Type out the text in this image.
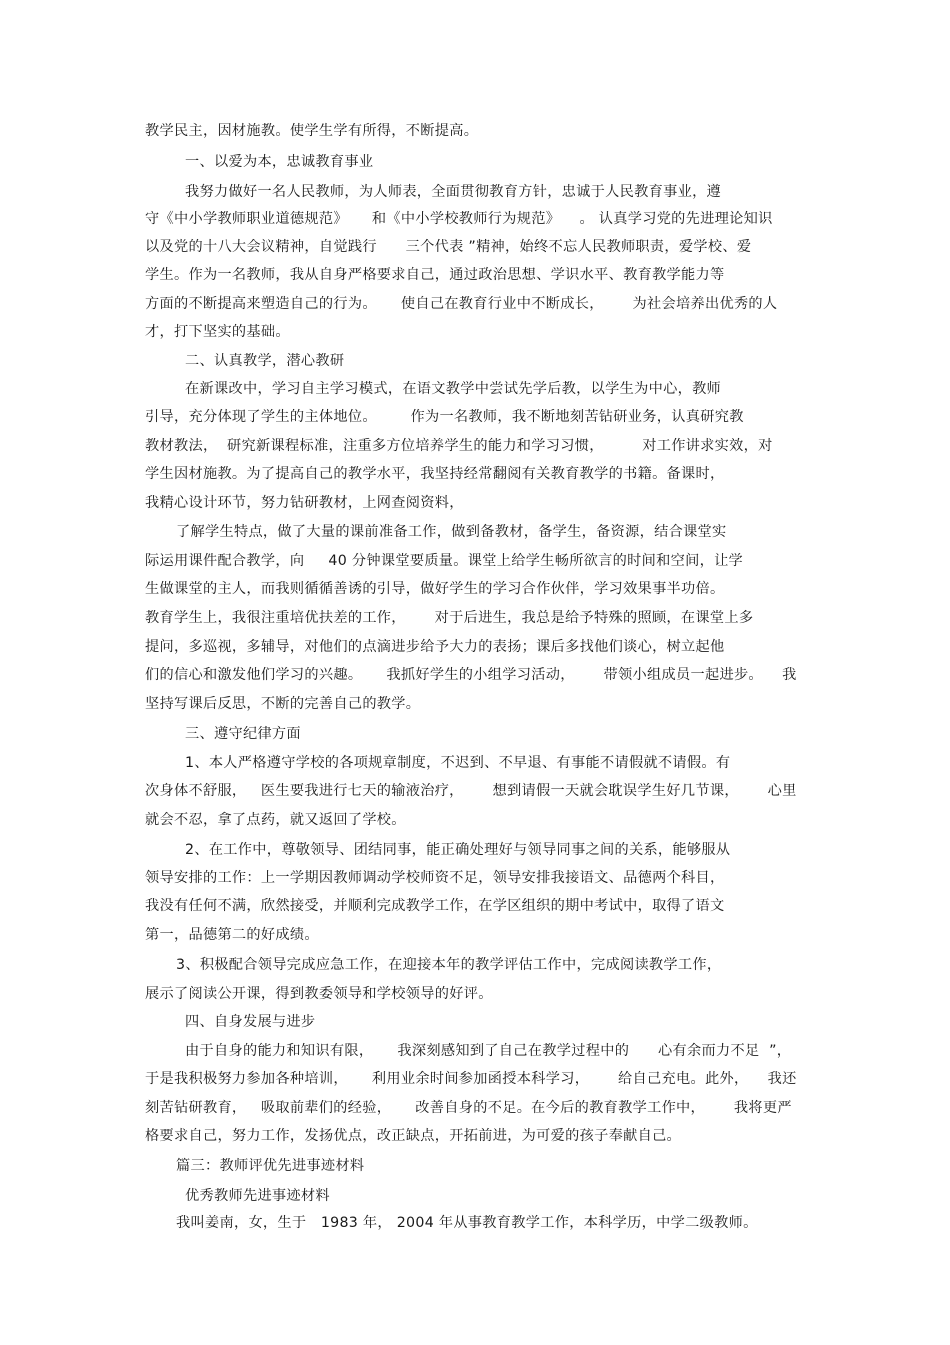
教学民主，因材施教。使学生学有所得，不断提高。
一、以爱为本，忠诚教育事业
我努力做好一名人民教师，为人师表，全面贯彻教育方针，忠诚于人民教育事业，遵
守《中小学教师职业道德规范》     和《中小学校教师行为规范》    。 认真学习党的先进理论知识
以及党的十八大会议精神，自觉践行      三个代表 ”精神，始终不忘人民教师职责，爱学校、爱
学生。作为一名教师，我从自身严格要求自己，通过政治思想、学识水平、教育教学能力等
方面的不断提高来塑造自己的行为。     使自己在教育行业中不断成长，      为社会培养出优秀的人
才，打下坚实的基础。
二、认真教学，潜心教研
在新课改中，学习自主学习模式，在语文教学中尝试先学后教，以学生为中心，教师
引导，充分体现了学生的主体地位。       作为一名教师，我不断地刻苦钻研业务，认真研究教
教材教法，  研究新课程标准，注重多方位培养学生的能力和学习习惯，        对工作讲求实效，对
学生因材施教。为了提高自己的教学水平，我坚持经常翻阅有关教育教学的书籍。备课时，
我精心设计环节，努力钻研教材，上网查阅资料，
了解学生特点，做了大量的课前准备工作，做到备教材，备学生，备资源，结合课堂实
际运用课件配合教学，向     40 分钟课堂要质量。课堂上给学生畅所欲言的时间和空间，让学
生做课堂的主人，而我则循循善诱的引导，做好学生的学习合作伙伴，学习效果事半功倍。
教育学生上，我很注重培优扶差的工作，      对于后进生，我总是给予特殊的照顾，在课堂上多
提问，多巡视，多辅导，对他们的点滴进步给予大力的表扬；课后多找他们谈心，树立起他
们的信心和激发他们学习的兴趣。     我抓好学生的小组学习活动，      带领小组成员一起进步。    我
坚持写课后反思，不断的完善自己的教学。
三、遵守纪律方面
1、本人严格遵守学校的各项规章制度，不迟到、不早退、有事能不请假就不请假。有
次身体不舒服，   医生要我进行七天的输液治疗，      想到请假一天就会耽误学生好几节课，      心里
就会不忍，拿了点药，就又返回了学校。
2、在工作中，尊敬领导、团结同事，能正确处理好与领导同事之间的关系，能够服从
领导安排的工作：上一学期因教师调动学校师资不足，领导安排我接语文、品德两个科目，
我没有任何不满，欣然接受，并顺利完成教学工作，在学区组织的期中考试中，取得了语文
第一，品德第二的好成绩。
3、积极配合领导完成应急工作，在迎接本年的教学评估工作中，完成阅读教学工作，
展示了阅读公开课，得到教委领导和学校领导的好评。
四、自身发展与进步
由于自身的能力和知识有限，     我深刻感知到了自己在教学过程中的      心有余而力不足  ”，
于是我积极努力参加各种培训，     利用业余时间参加函授本科学习，      给自己充电。此外，    我还
刻苦钻研教育，   吸取前辈们的经验，     改善自身的不足。在今后的教育教学工作中，      我将更严
格要求自己，努力工作，发扬优点，改正缺点，开拓前进，为可爱的孩子奉献自己。
篇三：教师评优先进事迹材料
优秀教师先进事迹材料
我叫姜南，女，生于   1983 年， 2004 年从事教育教学工作，本科学历，中学二级教师。
